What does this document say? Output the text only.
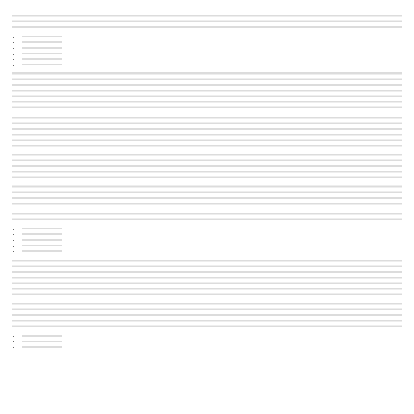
•
•
•
•
•
•

•
•
•
•
•

•
•
•
